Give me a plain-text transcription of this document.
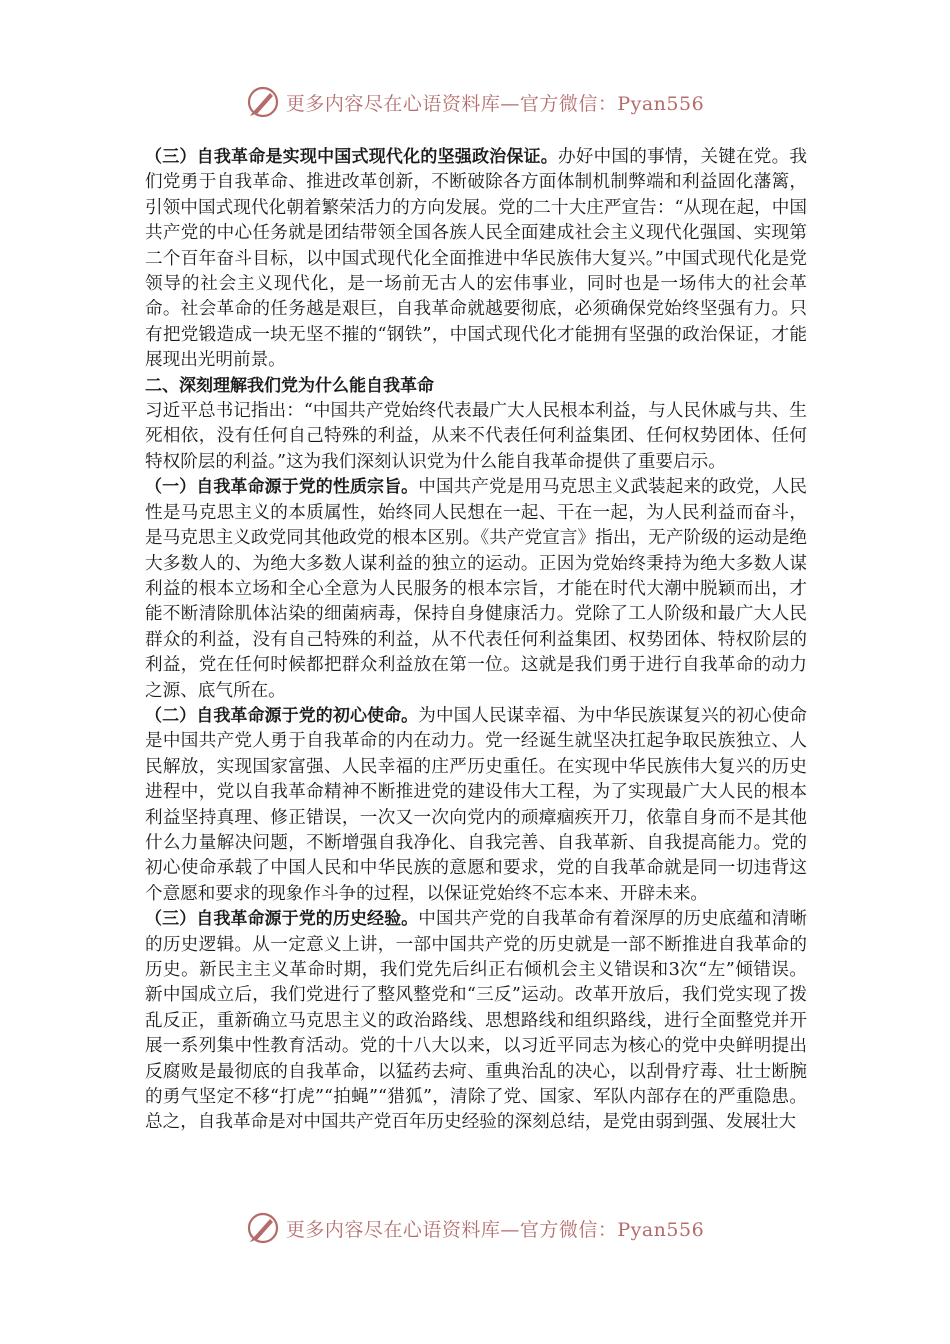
更多内容尽在心语资料库—官方微信：Pyan556

（三）自我革命是实现中国式现代化的坚强政治保证。办好中国的事情，关键在党。我们党勇于自我革命、推进改革创新，不断破除各方面体制机制弊端和利益固化藩篱，引领中国式现代化朝着繁荣活力的方向发展。党的二十大庄严宣告：“从现在起，中国共产党的中心任务就是团结带领全国各族人民全面建成社会主义现代化强国、实现第二个百年奋斗目标，以中国式现代化全面推进中华民族伟大复兴。”中国式现代化是党领导的社会主义现代化，是一场前无古人的宏伟事业，同时也是一场伟大的社会革命。社会革命的任务越是艰巨，自我革命就越要彻底，必须确保党始终坚强有力。只有把党锻造成一块无坚不摧的“钢铁”，中国式现代化才能拥有坚强的政治保证，才能展现出光明前景。

二、深刻理解我们党为什么能自我革命

习近平总书记指出：“中国共产党始终代表最广大人民根本利益，与人民休戚与共、生死相依，没有任何自己特殊的利益，从来不代表任何利益集团、任何权势团体、任何特权阶层的利益。”这为我们深刻认识党为什么能自我革命提供了重要启示。

（一）自我革命源于党的性质宗旨。中国共产党是用马克思主义武装起来的政党，人民性是马克思主义的本质属性，始终同人民想在一起、干在一起，为人民利益而奋斗，是马克思主义政党同其他政党的根本区别。《共产党宣言》指出，无产阶级的运动是绝大多数人的、为绝大多数人谋利益的独立的运动。正因为党始终秉持为绝大多数人谋利益的根本立场和全心全意为人民服务的根本宗旨，才能在时代大潮中脱颖而出，才能不断清除肌体沾染的细菌病毒，保持自身健康活力。党除了工人阶级和最广大人民群众的利益，没有自己特殊的利益，从不代表任何利益集团、权势团体、特权阶层的利益，党在任何时候都把群众利益放在第一位。这就是我们勇于进行自我革命的动力之源、底气所在。

（二）自我革命源于党的初心使命。为中国人民谋幸福、为中华民族谋复兴的初心使命是中国共产党人勇于自我革命的内在动力。党一经诞生就坚决扛起争取民族独立、人民解放，实现国家富强、人民幸福的庄严历史重任。在实现中华民族伟大复兴的历史进程中，党以自我革命精神不断推进党的建设伟大工程，为了实现最广大人民的根本利益坚持真理、修正错误，一次又一次向党内的顽瘴痼疾开刀，依靠自身而不是其他什么力量解决问题，不断增强自我净化、自我完善、自我革新、自我提高能力。党的初心使命承载了中国人民和中华民族的意愿和要求，党的自我革命就是同一切违背这个意愿和要求的现象作斗争的过程，以保证党始终不忘本来、开辟未来。

（三）自我革命源于党的历史经验。中国共产党的自我革命有着深厚的历史底蕴和清晰的历史逻辑。从一定意义上讲，一部中国共产党的历史就是一部不断推进自我革命的历史。新民主主义革命时期，我们党先后纠正右倾机会主义错误和3次“左”倾错误。新中国成立后，我们党进行了整风整党和“三反”运动。改革开放后，我们党实现了拨乱反正，重新确立马克思主义的政治路线、思想路线和组织路线，进行全面整党并开展一系列集中性教育活动。党的十八大以来，以习近平同志为核心的党中央鲜明提出反腐败是最彻底的自我革命，以猛药去疴、重典治乱的决心，以刮骨疗毒、壮士断腕的勇气坚定不移“打虎”“拍蝇”“猎狐”，清除了党、国家、军队内部存在的严重隐患。总之，自我革命是对中国共产党百年历史经验的深刻总结，是党由弱到强、发展壮大

更多内容尽在心语资料库—官方微信：Pyan556
